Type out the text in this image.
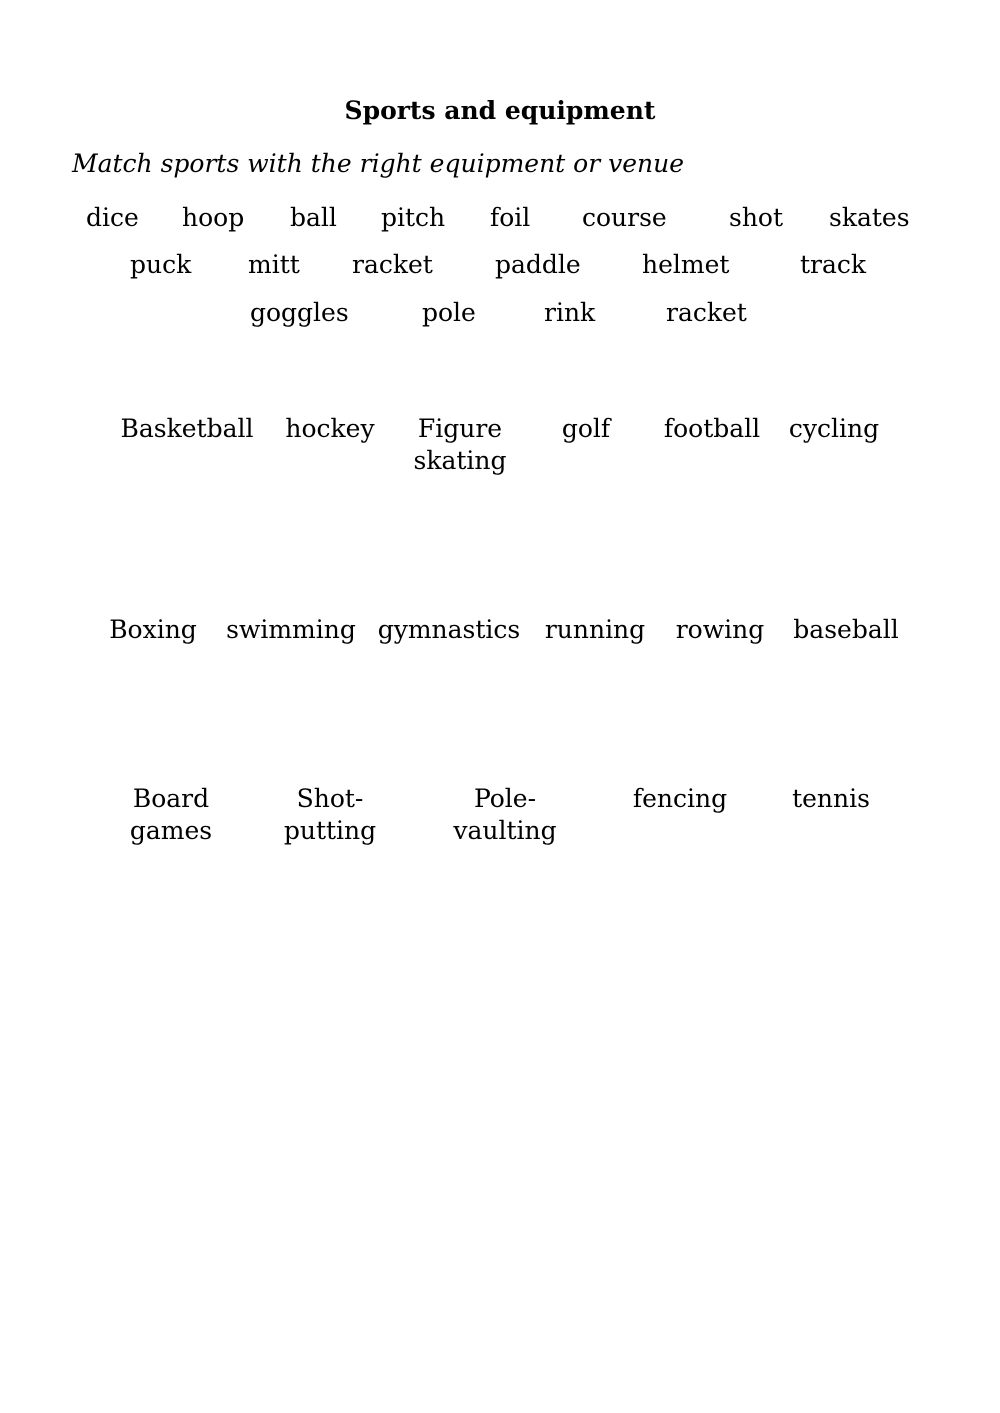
Sports and equipment
Match sports with the right equipment or venue
dice hoop ball pitch foil course shot skates
puck mitt racket paddle helmet	track
goggles	pole	rink	racket
Basketball	hockey	Figure
skating
golf	football	cycling
Boxing	swimming gymnastics running	rowing	baseball
Board
games
Shot-
putting
Pole-
vaulting
fencing	tennis
